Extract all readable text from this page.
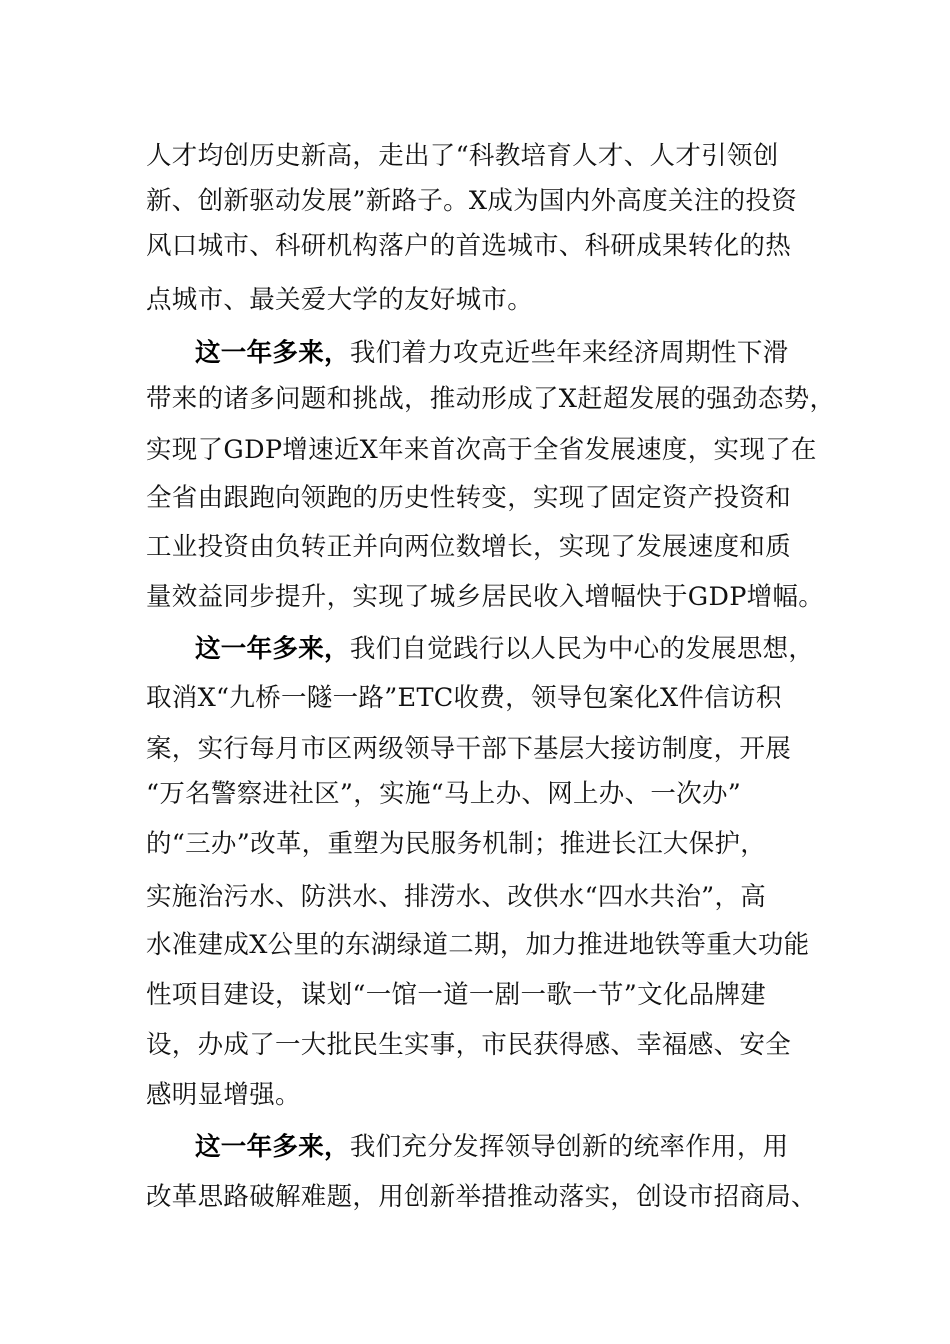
人才均创历史新高，走出了“科教培育人才、人才引领创
新、创新驱动发展”新路子。X成为国内外高度关注的投资
风口城市、科研机构落户的首选城市、科研成果转化的热
点城市、最关爱大学的友好城市。
这一年多来，我们着力攻克近些年来经济周期性下滑
带来的诸多问题和挑战，推动形成了X赶超发展的强劲态势，
实现了GDP增速近X年来首次高于全省发展速度，实现了在
全省由跟跑向领跑的历史性转变，实现了固定资产投资和
工业投资由负转正并向两位数增长，实现了发展速度和质
量效益同步提升，实现了城乡居民收入增幅快于GDP增幅。
这一年多来，我们自觉践行以人民为中心的发展思想，
取消X“九桥一隧一路”ETC收费，领导包案化X件信访积
案，实行每月市区两级领导干部下基层大接访制度，开展
“万名警察进社区”，实施“马上办、网上办、一次办”
的“三办”改革，重塑为民服务机制；推进长江大保护，
实施治污水、防洪水、排涝水、改供水“四水共治”，高
水准建成X公里的东湖绿道二期，加力推进地铁等重大功能
性项目建设，谋划“一馆一道一剧一歌一节”文化品牌建
设，办成了一大批民生实事，市民获得感、幸福感、安全
感明显增强。
这一年多来，我们充分发挥领导创新的统率作用，用
改革思路破解难题，用创新举措推动落实，创设市招商局、
